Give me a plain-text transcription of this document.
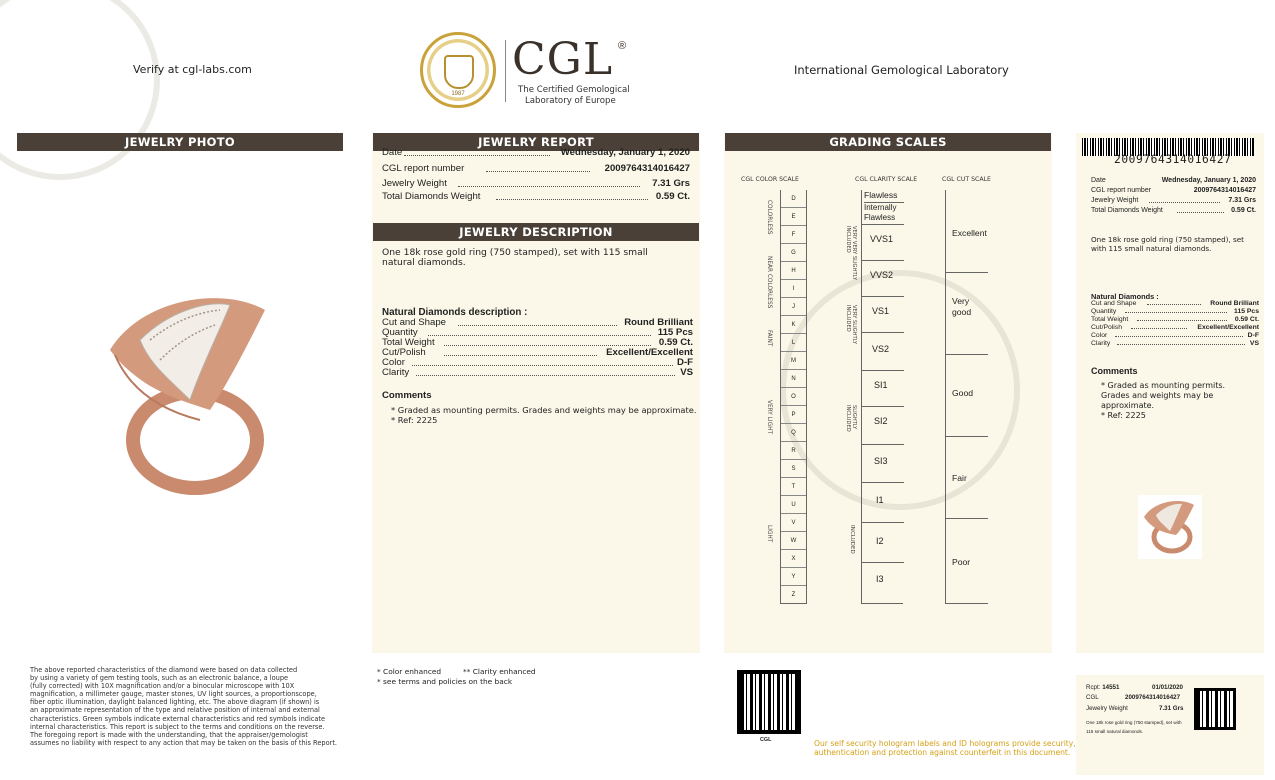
Verify at cgl-labs.com
1987
CGL ®
The Certified Gemological
Laboratory of Europe
International Gemological Laboratory
JEWELRY PHOTO	JEWELRY REPORT
Date	Wednesday, January 1, 2020
CGL report number	2009764314016427
Jewelry Weight	7.31 Grs
Total Diamonds Weight	0.59 Ct.
JEWELRY DESCRIPTION
One 18k rose gold ring (750 stamped), set with 115 small
natural diamonds.
Natural Diamonds description :
Cut and Shape	Round Brilliant
Quantity	115 Pcs
Total Weight	0.59 Ct.
Cut/Polish	Excellent/Excellent
Color	D-F
Clarity	VS
Comments
* Graded as mounting permits. Grades and weights may be approximate.
* Ref: 2225
GRADING SCALES
CGL COLOR SCALE	CGL CLARITY SCALE	CGL CUT SCALE
D
E
F
G
H
I
J
K
L
M
N
O
P
Q
R
S
T
U
V
W
X
Y
Z
COLORLESS
NEAR COLORLESS
FAINT
VERY LIGHT
LIGHT
Flawless
Internally Flawless
VVS1
VVS2
VS1
VS2
SI1
SI2
SI3
I1
I2
I3
VERY VERY SLIGHTLY INCLUDED
VERY SLIGHTLY INCLUDED
SLIGHTLY INCLUDED
INCLUDED
Excellent
Very good
Good
Fair
Poor
2009764314016427
Date	Wednesday, January 1, 2020
CGL report number	2009764314016427
Jewelry Weight	7.31 Grs
Total Diamonds Weight	0.59 Ct.
One 18k rose gold ring (750 stamped), set
with 115 small natural diamonds.
Natural Diamonds :
Cut and Shape	Round Brilliant
Quantity	115 Pcs
Total Weight	0.59 Ct.
Cut/Polish	Excellent/Excellent
Color	D-F
Clarity	VS
Comments
* Graded as mounting permits.
Grades and weights may be
approximate.
* Ref: 2225
The above reported characteristics of the diamond were based on data collected
by using a variety of gem testing tools, such as an electronic balance, a loupe
(fully corrected) with 10X magnification and/or a binocular microscope with 10X
magnification, a millimeter gauge, master stones, UV light sources, a proportionscope,
fiber optic illumination, daylight balanced lighting, etc. The above diagram (if shown) is
an approximate representation of the type and relative position of internal and external
characteristics. Green symbols indicate external characteristics and red symbols indicate
internal characteristics. This report is subject to the terms and conditions on the reverse.
The foregoing report is made with the understanding, that the appraiser/gemologist
assumes no liability with respect to any action that may be taken on the basis of this Report.
* Color enhanced	** Clarity enhanced
* see terms and policies on the back
CGL	Our self security hologram labels and ID holograms provide security,
authentication and protection against counterfeit in this document.
Rcpt: 14551	01/01/2020
CGL	2009764314016427
Jewelry Weight	7.31 Grs
One 18k rose gold ring (750 stamped), set with
115 small natural diamonds.
